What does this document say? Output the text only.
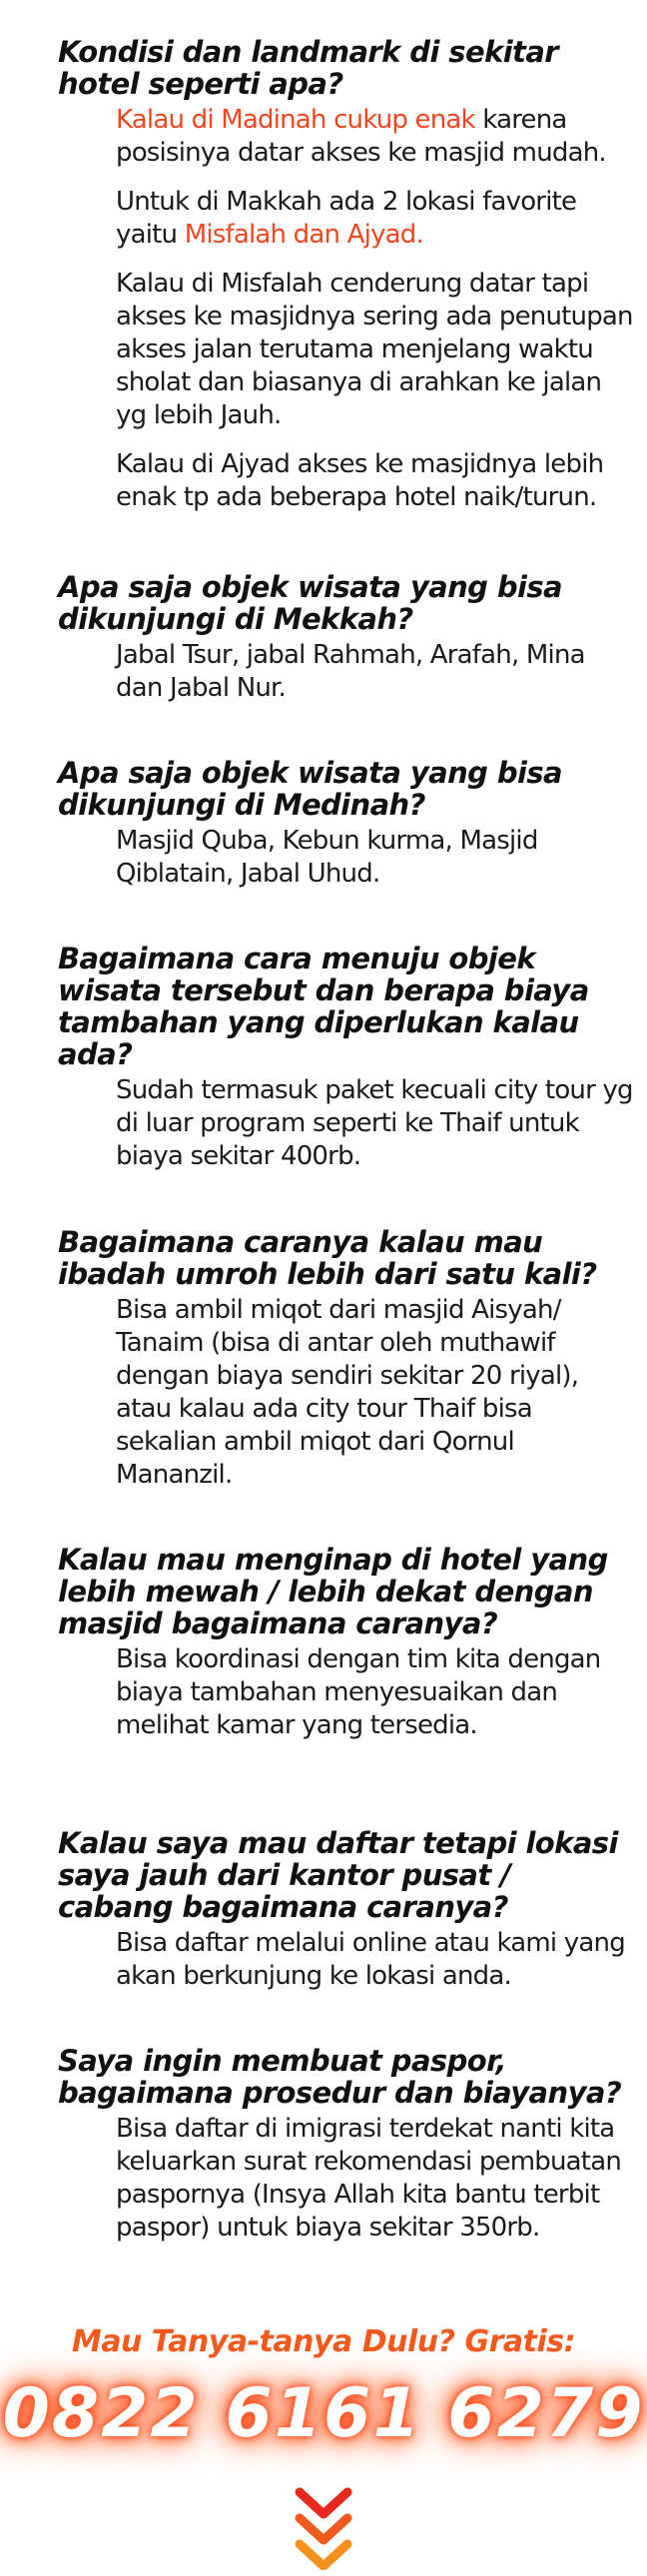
Kondisi dan landmark di sekitar hotel seperti apa?

Kalau di Madinah cukup enak karena posisinya datar akses ke masjid mudah.

Untuk di Makkah ada 2 lokasi favorite yaitu Misfalah dan Ajyad.

Kalau di Misfalah cenderung datar tapi akses ke masjidnya sering ada penutupan akses jalan terutama menjelang waktu sholat dan biasanya di arahkan ke jalan yg lebih Jauh.

Kalau di Ajyad akses ke masjidnya lebih enak tp ada beberapa hotel naik/turun.

Apa saja objek wisata yang bisa dikunjungi di Mekkah?

Jabal Tsur, jabal Rahmah, Arafah, Mina dan Jabal Nur.

Apa saja objek wisata yang bisa dikunjungi di Medinah?

Masjid Quba, Kebun kurma, Masjid Qiblatain, Jabal Uhud.

Bagaimana cara menuju objek wisata tersebut dan berapa biaya tambahan yang diperlukan kalau ada?

Sudah termasuk paket kecuali city tour yg di luar program seperti ke Thaif untuk biaya sekitar 400rb.

Bagaimana caranya kalau mau ibadah umroh lebih dari satu kali?

Bisa ambil miqot dari masjid Aisyah/ Tanaim (bisa di antar oleh muthawif dengan biaya sendiri sekitar 20 riyal), atau kalau ada city tour Thaif bisa sekalian ambil miqot dari Qornul Mananzil.

Kalau mau menginap di hotel yang lebih mewah / lebih dekat dengan masjid bagaimana caranya?

Bisa koordinasi dengan tim kita dengan biaya tambahan menyesuaikan dan melihat kamar yang tersedia.

Kalau saya mau daftar tetapi lokasi saya jauh dari kantor pusat / cabang bagaimana caranya?

Bisa daftar melalui online atau kami yang akan berkunjung ke lokasi anda.

Saya ingin membuat paspor, bagaimana prosedur dan biayanya?

Bisa daftar di imigrasi terdekat nanti kita keluarkan surat rekomendasi pembuatan paspornya (Insya Allah kita bantu terbit paspor) untuk biaya sekitar 350rb.

Mau Tanya-tanya Dulu? Gratis:
0822 6161 6279
